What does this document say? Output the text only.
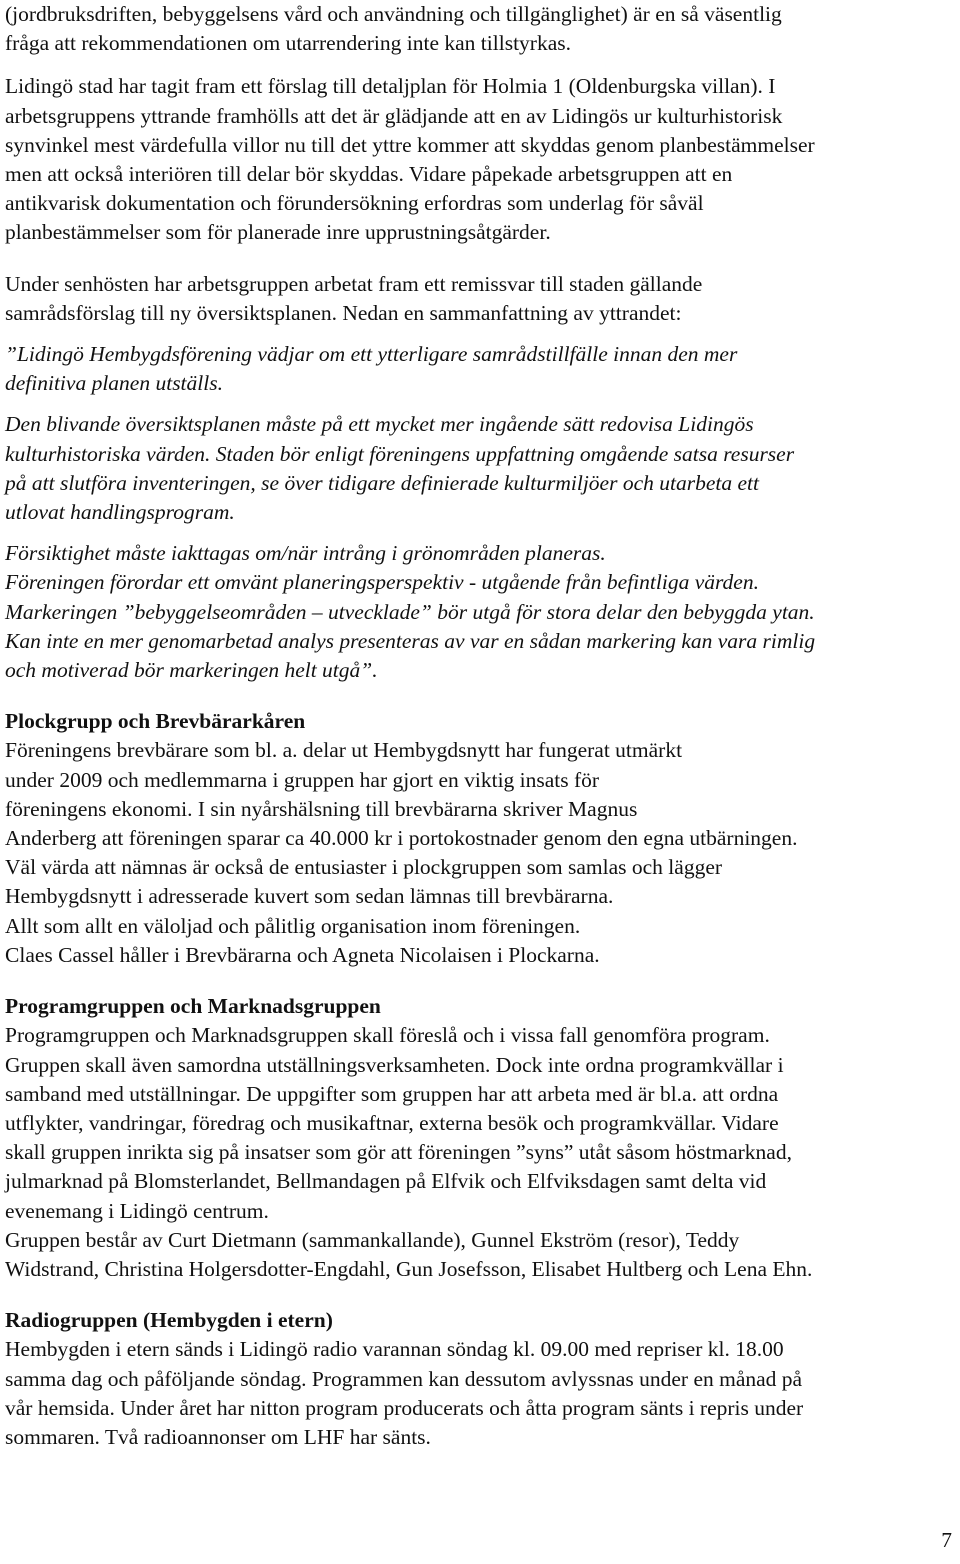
(jordbruksdriften, bebyggelsens vård och användning och tillgänglighet) är en så väsentlig

fråga att rekommendationen om utarrendering inte kan tillstyrkas.

Lidingö stad har tagit fram ett förslag till detaljplan för Holmia 1 (Oldenburgska villan). I

arbetsgruppens yttrande framhölls att det är glädjande att en av Lidingös ur kulturhistorisk

synvinkel mest värdefulla villor nu till det yttre kommer att skyddas genom planbestämmelser

men att också interiören till delar bör skyddas. Vidare påpekade arbetsgruppen att en

antikvarisk dokumentation och förundersökning erfordras som underlag för såväl

planbestämmelser som för planerade inre upprustningsåtgärder.

Under senhösten har arbetsgruppen arbetat fram ett remissvar till staden gällande

samrådsförslag till ny översiktsplanen. Nedan en sammanfattning av yttrandet:

”Lidingö Hembygdsförening vädjar om ett ytterligare samrådstillfälle innan den mer

definitiva planen utställs.

Den blivande översiktsplanen måste på ett mycket mer ingående sätt redovisa Lidingös

kulturhistoriska värden. Staden bör enligt föreningens uppfattning omgående satsa resurser

på att slutföra inventeringen, se över tidigare definierade kulturmiljöer och utarbeta ett

utlovat handlingsprogram.

Försiktighet måste iakttagas om/när intrång i grönområden planeras.

Föreningen förordar ett omvänt planeringsperspektiv - utgående från befintliga värden.

Markeringen ”bebyggelseområden – utvecklade” bör utgå för stora delar den bebyggda ytan.

Kan inte en mer genomarbetad analys presenteras av var en sådan markering kan vara rimlig

och motiverad bör markeringen helt utgå”.

Plockgrupp och Brevbärarkåren

Föreningens brevbärare som bl. a. delar ut Hembygdsnytt har fungerat utmärkt

under 2009 och medlemmarna i gruppen har gjort en viktig insats för

föreningens ekonomi. I sin nyårshälsning till brevbärarna skriver Magnus

Anderberg att föreningen sparar ca 40.000 kr i portokostnader genom den egna utbärningen.

Väl värda att nämnas är också de entusiaster i plockgruppen som samlas och lägger

Hembygdsnytt i adresserade kuvert som sedan lämnas till brevbärarna.

Allt som allt en väloljad och pålitlig organisation inom föreningen.

Claes Cassel håller i Brevbärarna och Agneta Nicolaisen i Plockarna.

Programgruppen och Marknadsgruppen

Programgruppen och Marknadsgruppen skall föreslå och i vissa fall genomföra program.

Gruppen skall även samordna utställningsverksamheten. Dock inte ordna programkvällar i

samband med utställningar. De uppgifter som gruppen har att arbeta med är bl.a. att ordna

utflykter, vandringar, föredrag och musikaftnar, externa besök och programkvällar. Vidare

skall gruppen inrikta sig på insatser som gör att föreningen ”syns” utåt såsom höstmarknad,

julmarknad på Blomsterlandet, Bellmandagen på Elfvik och Elfviksdagen samt delta vid

evenemang i Lidingö centrum.

Gruppen består av Curt Dietmann (sammankallande), Gunnel Ekström (resor), Teddy

Widstrand, Christina Holgersdotter-Engdahl, Gun Josefsson, Elisabet Hultberg och Lena Ehn.

Radiogruppen (Hembygden i etern)

Hembygden i etern sänds i Lidingö radio varannan söndag kl. 09.00 med repriser kl. 18.00

samma dag och påföljande söndag. Programmen kan dessutom avlyssnas under en månad på

vår hemsida. Under året har nitton program producerats och åtta program sänts i repris under

sommaren. Två radioannonser om LHF har sänts.

7
